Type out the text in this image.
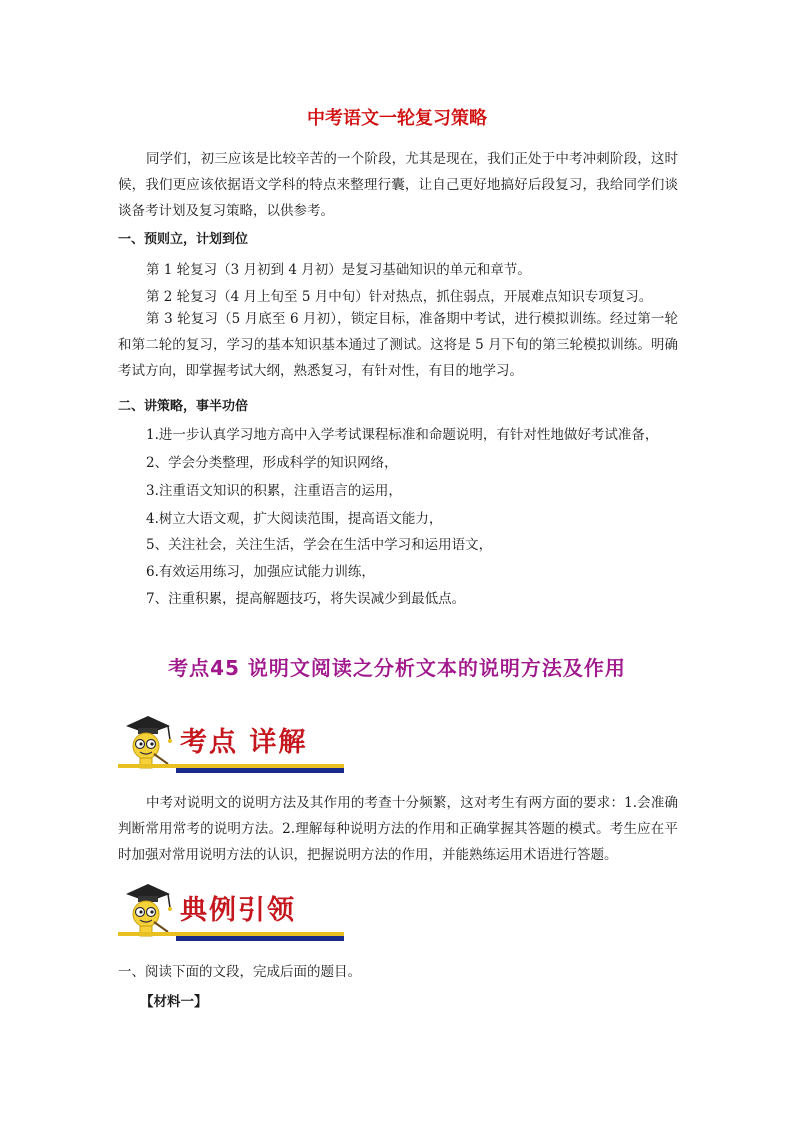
中考语文一轮复习策略
同学们，初三应该是比较辛苦的一个阶段，尤其是现在，我们正处于中考冲刺阶段，这时候，我们更应该依据语文学科的特点来整理行囊，让自己更好地搞好后段复习，我给同学们谈谈备考计划及复习策略，以供参考。
一、预则立，计划到位
第 1 轮复习（3 月初到 4 月初）是复习基础知识的单元和章节。
第 2 轮复习（4 月上旬至 5 月中旬）针对热点，抓住弱点，开展难点知识专项复习。
第 3 轮复习（5 月底至 6 月初），锁定目标，准备期中考试，进行模拟训练。经过第一轮和第二轮的复习，学习的基本知识基本通过了测试。这将是 5 月下旬的第三轮模拟训练。明确考试方向，即掌握考试大纲，熟悉复习，有针对性，有目的地学习。
二、讲策略，事半功倍
1.进一步认真学习地方高中入学考试课程标准和命题说明，有针对性地做好考试准备，
2、学会分类整理，形成科学的知识网络，
3.注重语文知识的积累，注重语言的运用，
4.树立大语文观，扩大阅读范围，提高语文能力，
5、关注社会，关注生活，学会在生活中学习和运用语文，
6.有效运用练习，加强应试能力训练，
7、注重积累，提高解题技巧，将失误减少到最低点。
考点45 说明文阅读之分析文本的说明方法及作用
考点 详解
中考对说明文的说明方法及其作用的考查十分频繁，这对考生有两方面的要求：1.会准确判断常用常考的说明方法。2.理解每种说明方法的作用和正确掌握其答题的模式。考生应在平时加强对常用说明方法的认识，把握说明方法的作用，并能熟练运用术语进行答题。
典例引领
一、阅读下面的文段，完成后面的题目。
【材料一】
